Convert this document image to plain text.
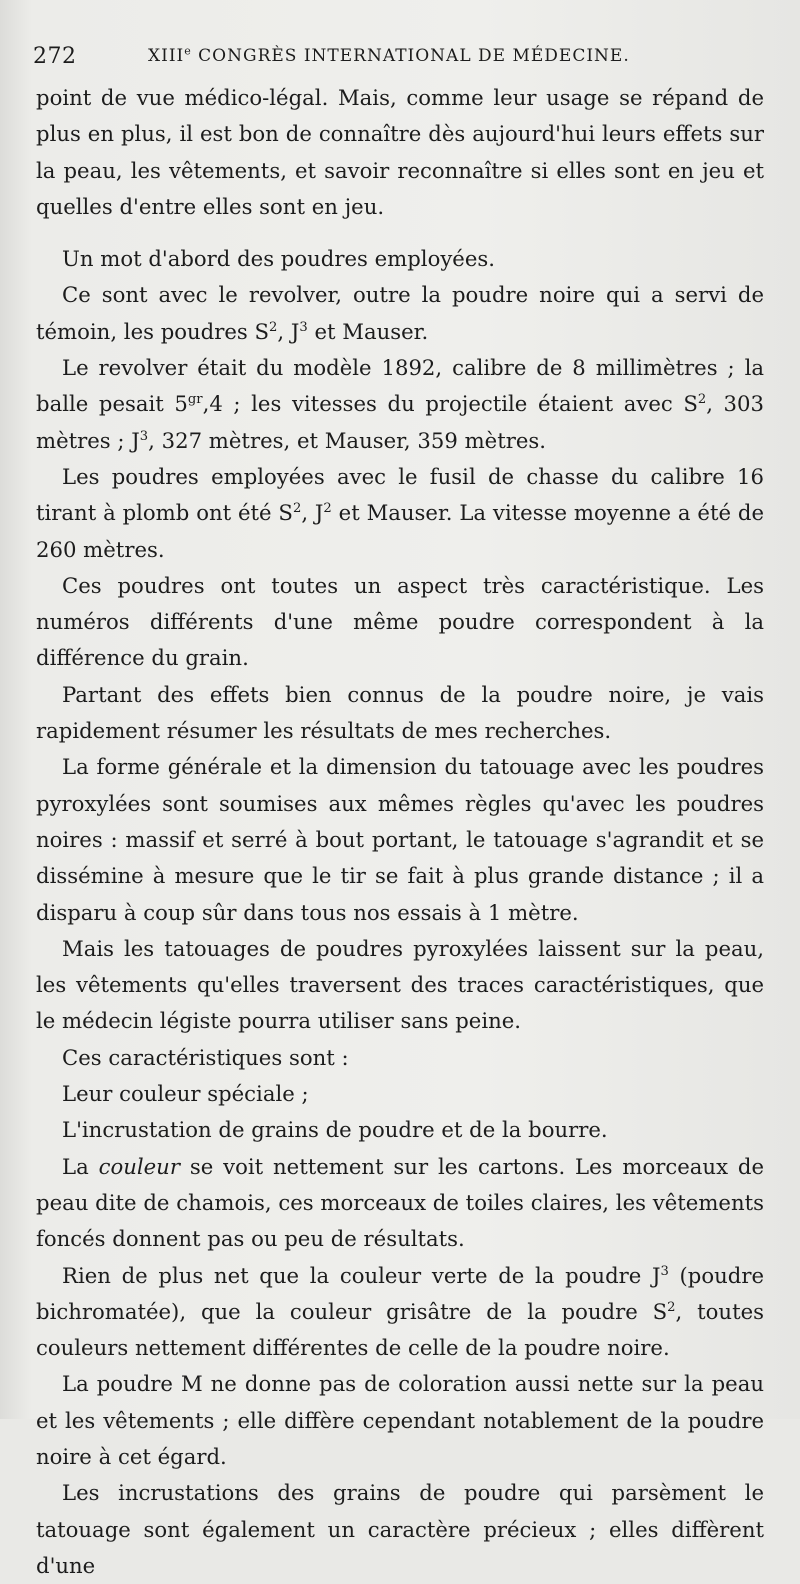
272	XIIIe CONGRÈS INTERNATIONAL DE MÉDECINE.

point de vue médico-légal. Mais, comme leur usage se répand de plus en plus, il est bon de connaître dès aujourd'hui leurs effets sur la peau, les vêtements, et savoir reconnaître si elles sont en jeu et quelles d'entre elles sont en jeu.

Un mot d'abord des poudres employées.

Ce sont avec le revolver, outre la poudre noire qui a servi de témoin, les poudres $S^2$, $J^3$ et Mauser.

Le revolver était du modèle 1892, calibre de 8 millimètres ; la balle pesait $5^{gr},4$ ; les vitesses du projectile étaient avec $S^2$, 303 mètres ; $J^3$, 327 mètres, et Mauser, 359 mètres.

Les poudres employées avec le fusil de chasse du calibre 16 tirant à plomb ont été $S^2$, $J^2$ et Mauser. La vitesse moyenne a été de 260 mètres.

Ces poudres ont toutes un aspect très caractéristique. Les numéros différents d'une même poudre correspondent à la différence du grain.

Partant des effets bien connus de la poudre noire, je vais rapidement résumer les résultats de mes recherches.

La forme générale et la dimension du tatouage avec les poudres pyroxylées sont soumises aux mêmes règles qu'avec les poudres noires : massif et serré à bout portant, le tatouage s'agrandit et se dissémine à mesure que le tir se fait à plus grande distance ; il a disparu à coup sûr dans tous nos essais à 1 mètre.

Mais les tatouages de poudres pyroxylées laissent sur la peau, les vêtements qu'elles traversent des traces caractéristiques, que le médecin légiste pourra utiliser sans peine.

Ces caractéristiques sont :

Leur couleur spéciale ;

L'incrustation de grains de poudre et de la bourre.

La couleur se voit nettement sur les cartons. Les morceaux de peau dite de chamois, ces morceaux de toiles claires, les vêtements foncés donnent pas ou peu de résultats.

Rien de plus net que la couleur verte de la poudre $J^3$ (poudre bichromatée), que la couleur grisâtre de la poudre $S^2$, toutes couleurs nettement différentes de celle de la poudre noire.

La poudre M ne donne pas de coloration aussi nette sur la peau et les vêtements ; elle diffère cependant notablement de la poudre noire à cet égard.

Les incrustations des grains de poudre qui parsèment le tatouage sont également un caractère précieux ; elles diffèrent d'une
